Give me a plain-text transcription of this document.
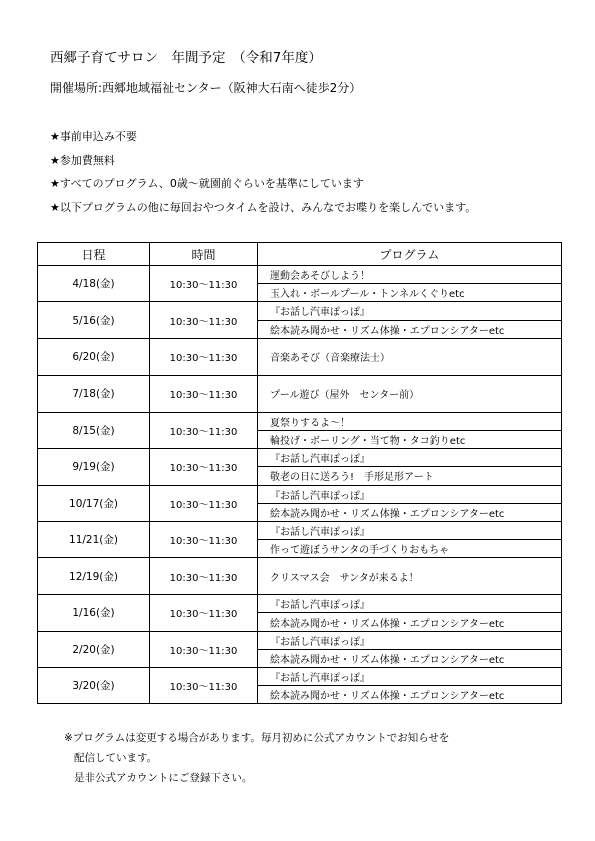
西郷子育てサロン　年間予定　（令和7年度）
開催場所:西郷地域福祉センター（阪神大石南へ徒歩2分）
★事前申込み不要
★参加費無料
★すべてのプログラム、0歳～就園前ぐらいを基準にしています
★以下プログラムの他に毎回おやつタイムを設け、みんなでお喋りを楽しんでいます。
日程	時間	プログラム
4/18(金)	10:30～11:30	運動会あそびしよう！
		玉入れ・ボールプール・トンネルくぐりetc
5/16(金)	10:30～11:30	『お話し汽車ぽっぽ』
		絵本読み聞かせ・リズム体操・エプロンシアターetc
6/20(金)	10:30～11:30	音楽あそび（音楽療法士）
7/18(金)	10:30～11:30	プール遊び（屋外　センター前）
8/15(金)	10:30～11:30	夏祭りするよ～！
		輪投げ・ボーリング・当て物・タコ釣りetc
9/19(金)	10:30～11:30	『お話し汽車ぽっぽ』
		敬老の日に送ろう!　手形足形アート
10/17(金)	10:30～11:30	『お話し汽車ぽっぽ』
		絵本読み聞かせ・リズム体操・エプロンシアターetc
11/21(金)	10:30～11:30	『お話し汽車ぽっぽ』
		作って遊ぼうサンタの手づくりおもちゃ
12/19(金)	10:30～11:30	クリスマス会　サンタが来るよ！
1/16(金)	10:30～11:30	『お話し汽車ぽっぽ』
		絵本読み聞かせ・リズム体操・エプロンシアターetc
2/20(金)	10:30～11:30	『お話し汽車ぽっぽ』
		絵本読み聞かせ・リズム体操・エプロンシアターetc
3/20(金)	10:30～11:30	『お話し汽車ぽっぽ』
		絵本読み聞かせ・リズム体操・エプロンシアターetc
※プログラムは変更する場合があります。毎月初めに公式アカウントでお知らせを
配信しています。
是非公式アカウントにご登録下さい。
